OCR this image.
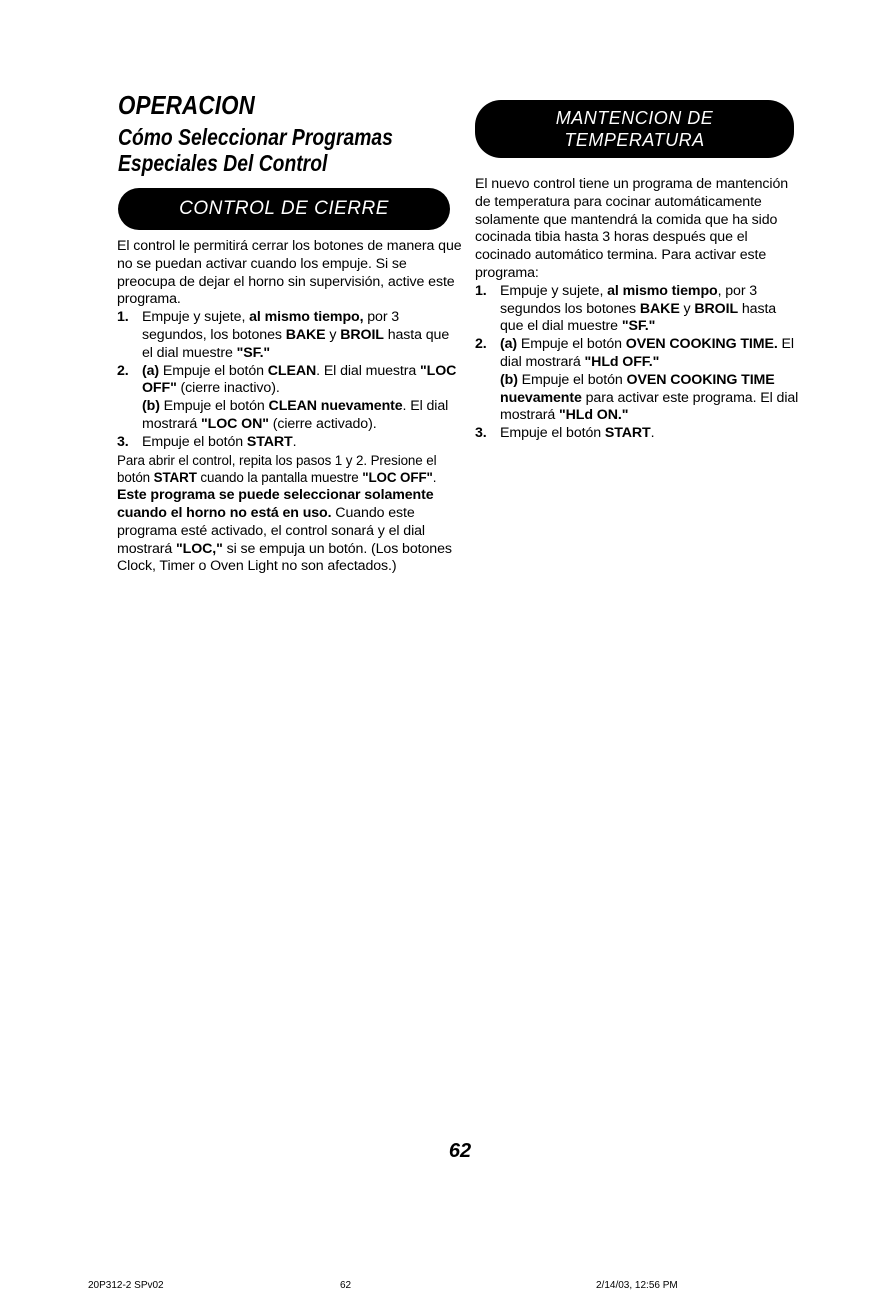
OPERACION
Cómo Seleccionar Programas
Especiales Del Control
CONTROL DE CIERRE
MANTENCION DE
TEMPERATURA

El control le permitirá cerrar los botones de manera que no se puedan activar cuando los empuje. Si se preocupa de dejar el horno sin supervisión, active este programa.

1. Empuje y sujete, al mismo tiempo, por 3 segundos, los botones BAKE y BROIL hasta que el dial muestre "SF."
2. (a) Empuje el botón CLEAN. El dial muestra "LOC OFF" (cierre inactivo).

(b) Empuje el botón CLEAN nuevamente. El dial mostrará "LOC ON" (cierre activado).

3. Empuje el botón START.

Para abrir el control, repita los pasos 1 y 2. Presione el botón START cuando la pantalla muestre "LOC OFF".

Este programa se puede seleccionar solamente cuando el horno no está en uso. Cuando este programa esté activado, el control sonará y el dial mostrará "LOC," si se empuja un botón. (Los botones Clock, Timer o Oven Light no son afectados.)

El nuevo control tiene un programa de mantención de temperatura para cocinar automáticamente solamente que mantendrá la comida que ha sido cocinada tibia hasta 3 horas después que el cocinado automático termina. Para activar este programa:

1. Empuje y sujete, al mismo tiempo, por 3 segundos los botones BAKE y BROIL hasta que el dial muestre "SF."
2. (a) Empuje el botón OVEN COOKING TIME. El dial mostrará "HLd OFF."

(b) Empuje el botón OVEN COOKING TIME nuevamente para activar este programa. El dial mostrará "HLd ON."

3. Empuje el botón START.
62
20P312-2 SPv02	62	2/14/03, 12:56 PM
